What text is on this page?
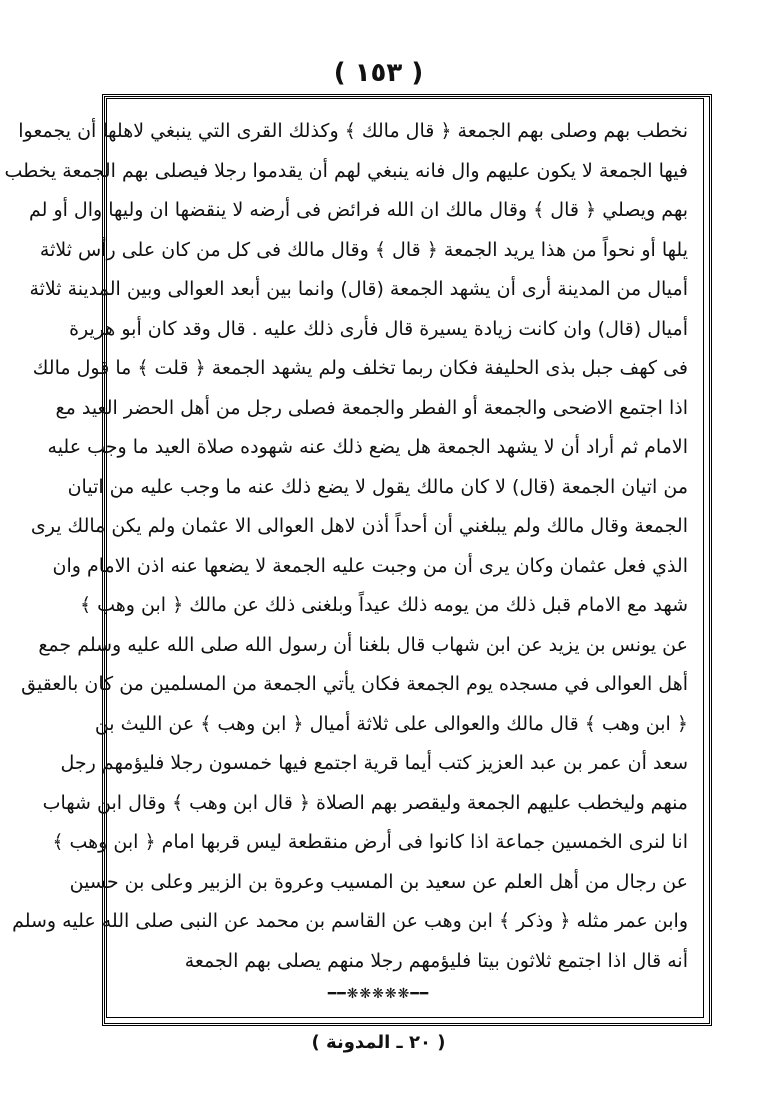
( ١٥٣ )
نخطب بهم وصلى بهم الجمعة ﴿ قال مالك ﴾ وكذلك القرى التي ينبغي لاهلها أن يجمعوا
فيها الجمعة لا يكون عليهم وال فانه ينبغي لهم أن يقدموا رجلا فيصلى بهم الجمعة يخطب
بهم ويصلي ﴿ قال ﴾ وقال مالك ان الله فرائض فى أرضه لا ينقضها ان وليها وال أو لم
يلها أو نحواً من هذا يريد الجمعة ﴿ قال ﴾ وقال مالك فى كل من كان على رأس ثلاثة
أميال من المدينة أرى أن يشهد الجمعة (قال) وانما بين أبعد العوالى وبين المدينة ثلاثة
أميال (قال) وان كانت زيادة يسيرة قال فأرى ذلك عليه . قال وقد كان أبو هريرة
فى كهف جبل بذى الحليفة فكان ربما تخلف ولم يشهد الجمعة ﴿ قلت ﴾ ما قول مالك
اذا اجتمع الاضحى والجمعة أو الفطر والجمعة فصلى رجل من أهل الحضر العيد مع
الامام ثم أراد أن لا يشهد الجمعة هل يضع ذلك عنه شهوده صلاة العيد ما وجب عليه
من اتيان الجمعة (قال) لا كان مالك يقول لا يضع ذلك عنه ما وجب عليه من اتيان
الجمعة وقال مالك ولم يبلغني أن أحداً أذن لاهل العوالى الا عثمان ولم يكن مالك يرى
الذي فعل عثمان وكان يرى أن من وجبت عليه الجمعة لا يضعها عنه اذن الامام وان
شهد مع الامام قبل ذلك من يومه ذلك عيداً وبلغنى ذلك عن مالك ﴿ ابن وهب ﴾
عن يونس بن يزيد عن ابن شهاب قال بلغنا أن رسول الله صلى الله عليه وسلم جمع
أهل العوالى في مسجده يوم الجمعة فكان يأتي الجمعة من المسلمين من كان بالعقيق
﴿ ابن وهب ﴾ قال مالك والعوالى على ثلاثة أميال ﴿ ابن وهب ﴾ عن الليث بن
سعد أن عمر بن عبد العزيز كتب أيما قرية اجتمع فيها خمسون رجلا فليؤمهم رجل
منهم وليخطب عليهم الجمعة وليقصر بهم الصلاة ﴿ قال ابن وهب ﴾ وقال ابن شهاب
انا لنرى الخمسين جماعة اذا كانوا فى أرض منقطعة ليس قربها امام ﴿ ابن وهب ﴾
عن رجال من أهل العلم عن سعيد بن المسيب وعروة بن الزبير وعلى بن حسين
وابن عمر مثله ﴿ وذكر ﴾ ابن وهب عن القاسم بن محمد عن النبى صلى الله عليه وسلم
أنه قال اذا اجتمع ثلاثون بيتا فليؤمهم رجلا منهم يصلى بهم الجمعة
━━❋❋❋❋❋━━
( ٢٠ ـ المدونة )
